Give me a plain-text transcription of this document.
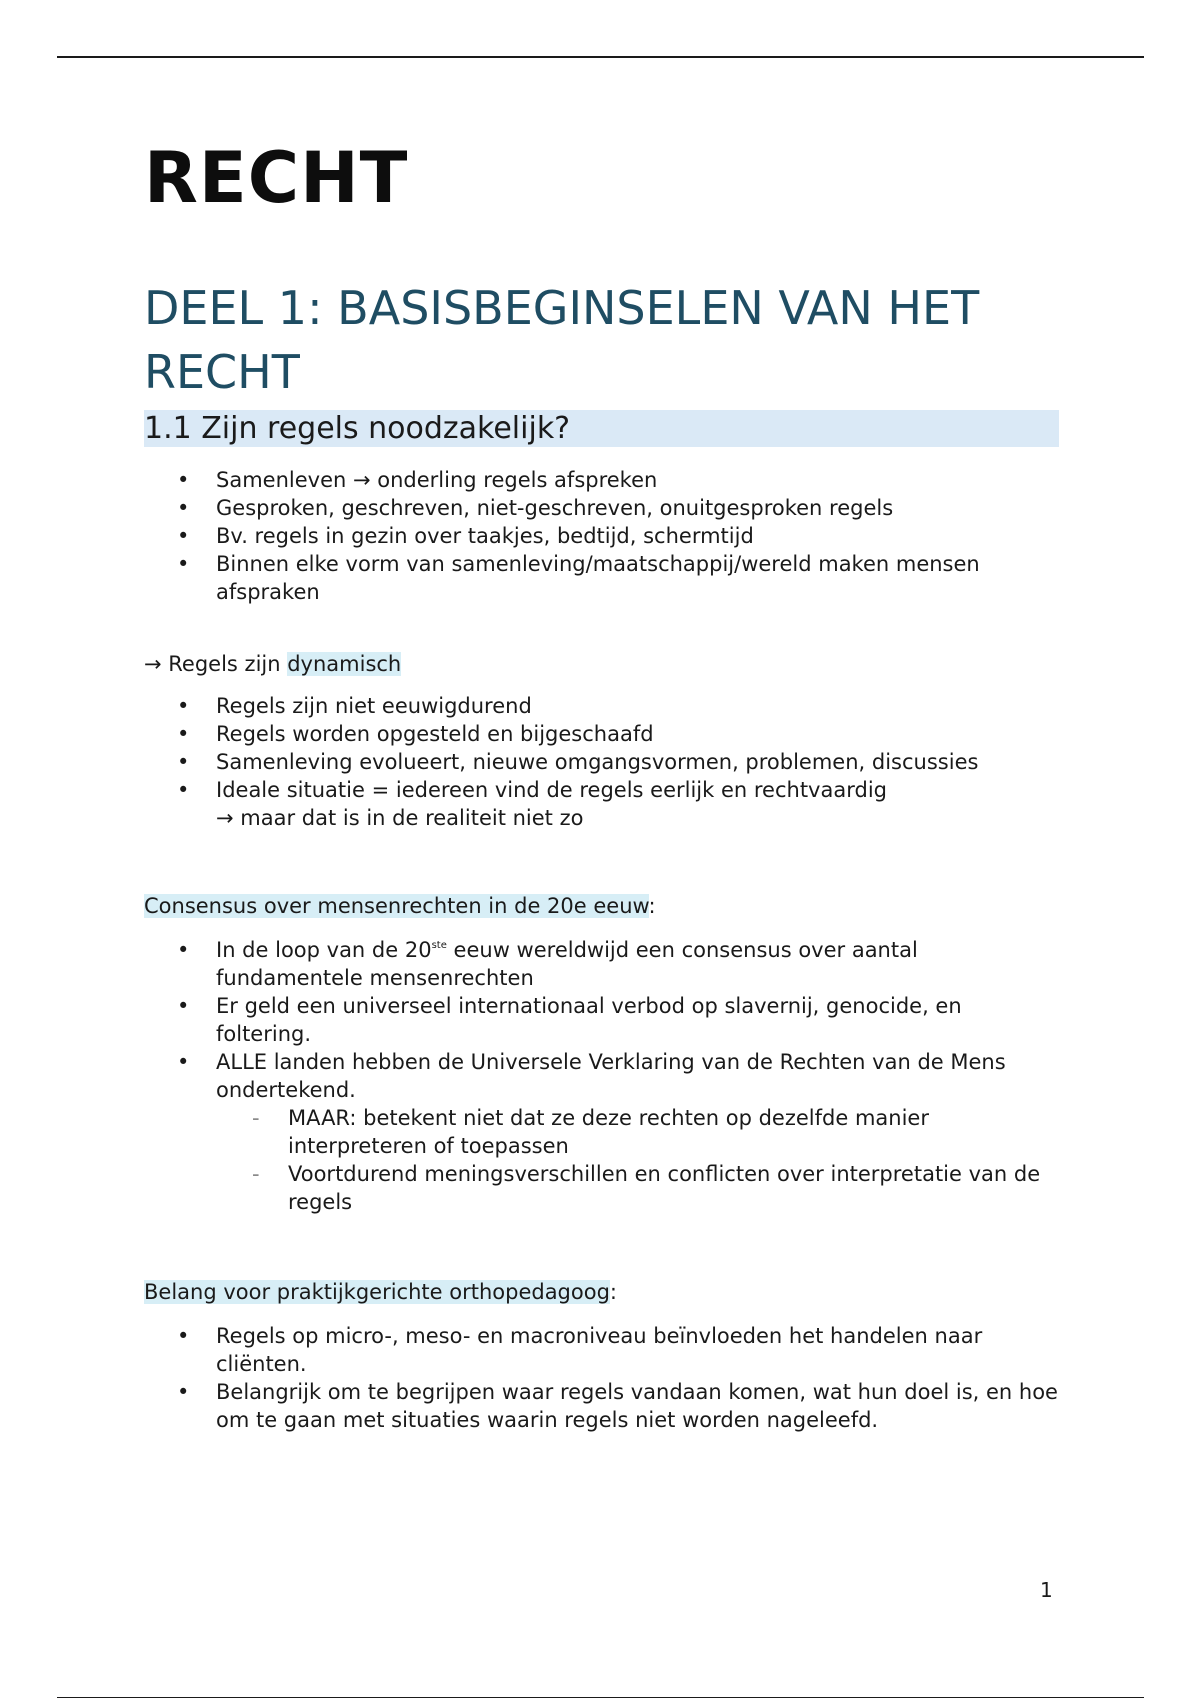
RECHT
DEEL 1: BASISBEGINSELEN VAN HET RECHT
1.1 Zijn regels noodzakelijk?
• Samenleven → onderling regels afspreken
• Gesproken, geschreven, niet-geschreven, onuitgesproken regels
• Bv. regels in gezin over taakjes, bedtijd, schermtijd
• Binnen elke vorm van samenleving/maatschappij/wereld maken mensen afspraken
→ Regels zijn dynamisch
• Regels zijn niet eeuwigdurend
• Regels worden opgesteld en bijgeschaafd
• Samenleving evolueert, nieuwe omgangsvormen, problemen, discussies
• Ideale situatie = iedereen vind de regels eerlijk en rechtvaardig
→ maar dat is in de realiteit niet zo
Consensus over mensenrechten in de 20e eeuw:
• In de loop van de 20ste eeuw wereldwijd een consensus over aantal fundamentele mensenrechten
• Er geld een universeel internationaal verbod op slavernij, genocide, en foltering.
• ALLE landen hebben de Universele Verklaring van de Rechten van de Mens ondertekend.
- MAAR: betekent niet dat ze deze rechten op dezelfde manier interpreteren of toepassen
- Voortdurend meningsverschillen en conflicten over interpretatie van de regels
Belang voor praktijkgerichte orthopedagoog:
• Regels op micro-, meso- en macroniveau beïnvloeden het handelen naar cliënten.
• Belangrijk om te begrijpen waar regels vandaan komen, wat hun doel is, en hoe om te gaan met situaties waarin regels niet worden nageleefd.
1
